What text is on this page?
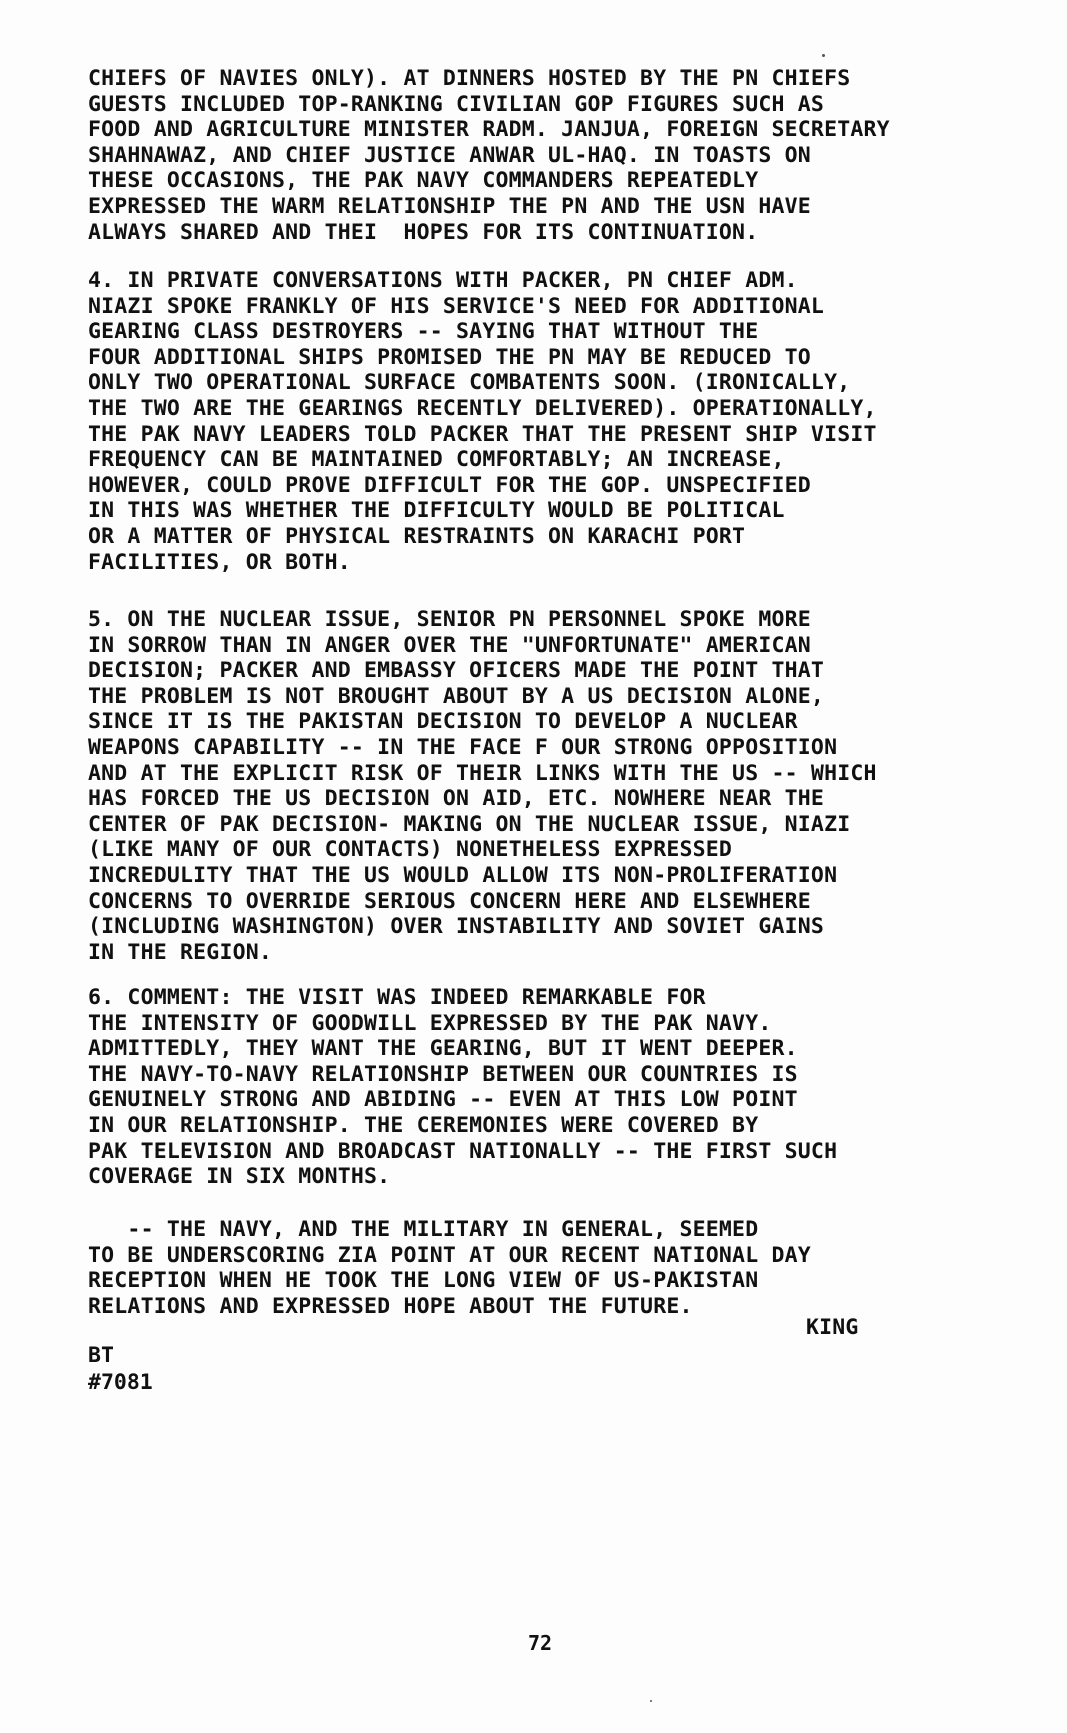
CHIEFS OF NAVIES ONLY). AT DINNERS HOSTED BY THE PN CHIEFS
GUESTS INCLUDED TOP-RANKING CIVILIAN GOP FIGURES SUCH AS
FOOD AND AGRICULTURE MINISTER RADM. JANJUA, FOREIGN SECRETARY
SHAHNAWAZ, AND CHIEF JUSTICE ANWAR UL-HAQ. IN TOASTS ON
THESE OCCASIONS, THE PAK NAVY COMMANDERS REPEATEDLY
EXPRESSED THE WARM RELATIONSHIP THE PN AND THE USN HAVE
ALWAYS SHARED AND THEI  HOPES FOR ITS CONTINUATION.
4. IN PRIVATE CONVERSATIONS WITH PACKER, PN CHIEF ADM.
NIAZI SPOKE FRANKLY OF HIS SERVICE'S NEED FOR ADDITIONAL
GEARING CLASS DESTROYERS -- SAYING THAT WITHOUT THE
FOUR ADDITIONAL SHIPS PROMISED THE PN MAY BE REDUCED TO
ONLY TWO OPERATIONAL SURFACE COMBATENTS SOON. (IRONICALLY,
THE TWO ARE THE GEARINGS RECENTLY DELIVERED). OPERATIONALLY,
THE PAK NAVY LEADERS TOLD PACKER THAT THE PRESENT SHIP VISIT
FREQUENCY CAN BE MAINTAINED COMFORTABLY; AN INCREASE,
HOWEVER, COULD PROVE DIFFICULT FOR THE GOP. UNSPECIFIED
IN THIS WAS WHETHER THE DIFFICULTY WOULD BE POLITICAL
OR A MATTER OF PHYSICAL RESTRAINTS ON KARACHI PORT
FACILITIES, OR BOTH.
5. ON THE NUCLEAR ISSUE, SENIOR PN PERSONNEL SPOKE MORE
IN SORROW THAN IN ANGER OVER THE "UNFORTUNATE" AMERICAN
DECISION; PACKER AND EMBASSY OFICERS MADE THE POINT THAT
THE PROBLEM IS NOT BROUGHT ABOUT BY A US DECISION ALONE,
SINCE IT IS THE PAKISTAN DECISION TO DEVELOP A NUCLEAR
WEAPONS CAPABILITY -- IN THE FACE F OUR STRONG OPPOSITION
AND AT THE EXPLICIT RISK OF THEIR LINKS WITH THE US -- WHICH
HAS FORCED THE US DECISION ON AID, ETC. NOWHERE NEAR THE
CENTER OF PAK DECISION- MAKING ON THE NUCLEAR ISSUE, NIAZI
(LIKE MANY OF OUR CONTACTS) NONETHELESS EXPRESSED
INCREDULITY THAT THE US WOULD ALLOW ITS NON-PROLIFERATION
CONCERNS TO OVERRIDE SERIOUS CONCERN HERE AND ELSEWHERE
(INCLUDING WASHINGTON) OVER INSTABILITY AND SOVIET GAINS
IN THE REGION.
6. COMMENT: THE VISIT WAS INDEED REMARKABLE FOR
THE INTENSITY OF GOODWILL EXPRESSED BY THE PAK NAVY.
ADMITTEDLY, THEY WANT THE GEARING, BUT IT WENT DEEPER.
THE NAVY-TO-NAVY RELATIONSHIP BETWEEN OUR COUNTRIES IS
GENUINELY STRONG AND ABIDING -- EVEN AT THIS LOW POINT
IN OUR RELATIONSHIP. THE CEREMONIES WERE COVERED BY
PAK TELEVISION AND BROADCAST NATIONALLY -- THE FIRST SUCH
COVERAGE IN SIX MONTHS.
-- THE NAVY, AND THE MILITARY IN GENERAL, SEEMED
TO BE UNDERSCORING ZIA POINT AT OUR RECENT NATIONAL DAY
RECEPTION WHEN HE TOOK THE LONG VIEW OF US-PAKISTAN
RELATIONS AND EXPRESSED HOPE ABOUT THE FUTURE.
KING
BT
#7081
72
